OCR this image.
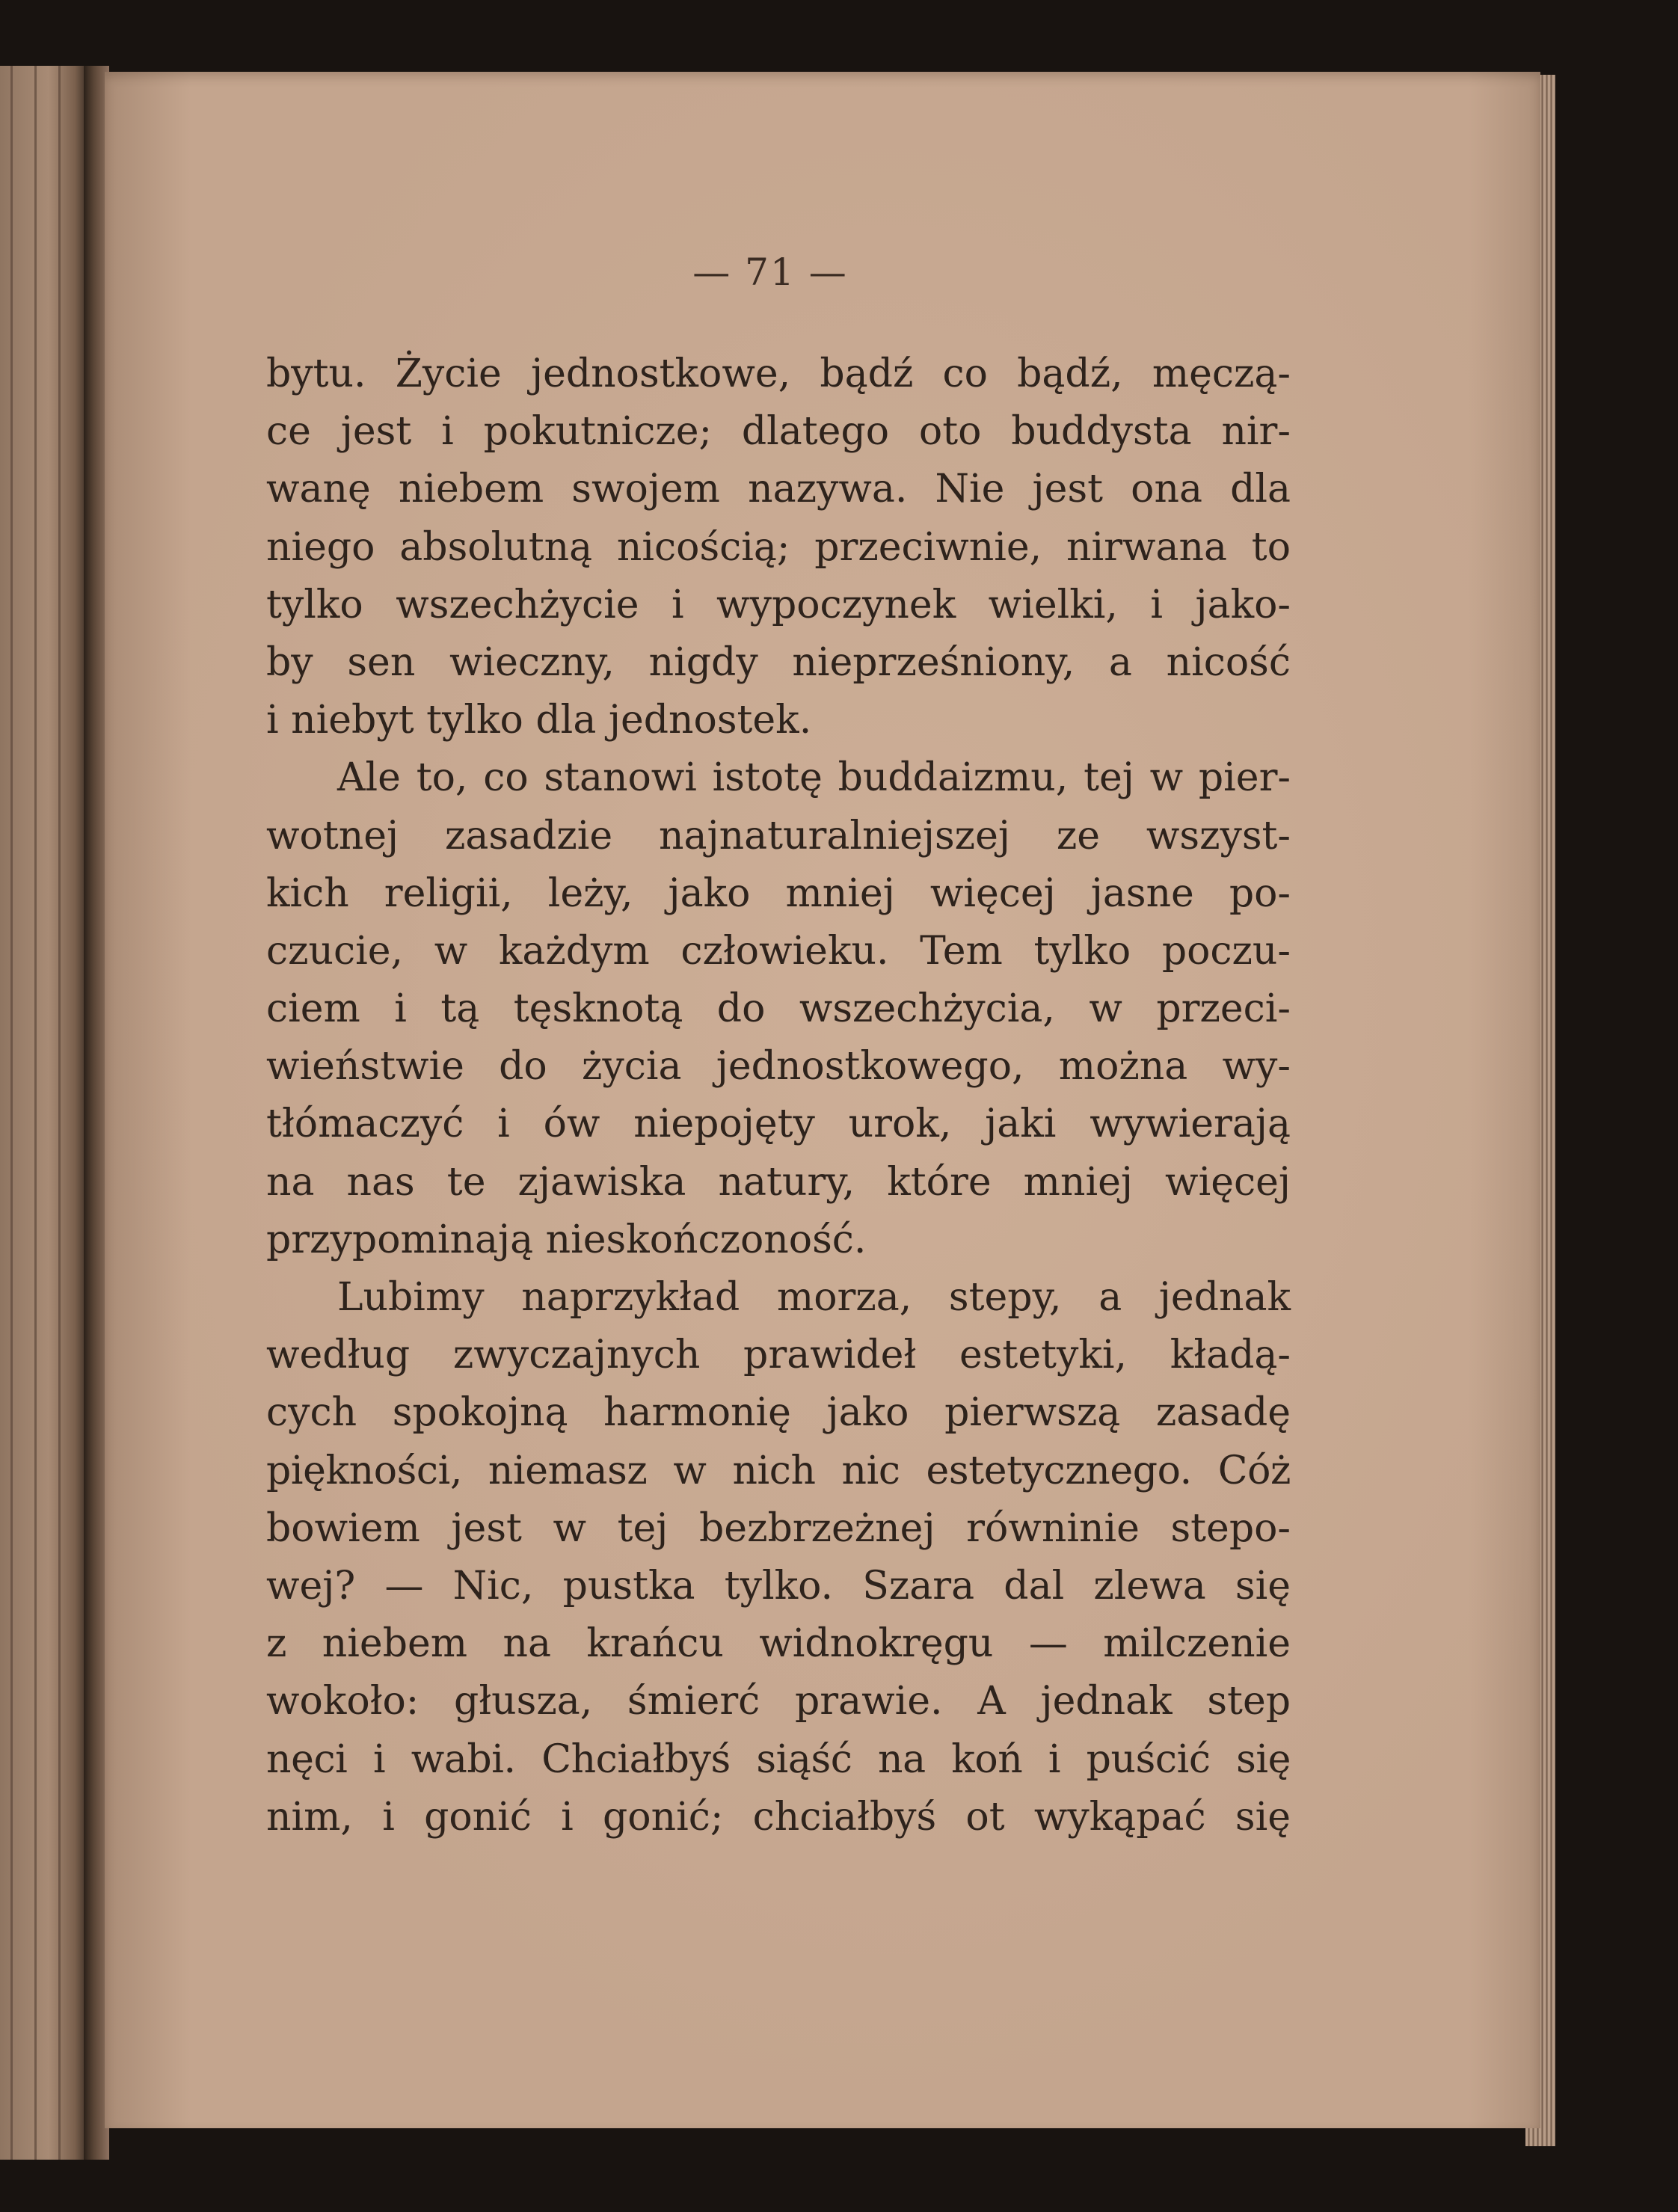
— 71 —
bytu. Życie jednostkowe, bądź co bądź, męczą-
ce jest i pokutnicze; dlatego oto buddysta nir-
wanę niebem swojem nazywa. Nie jest ona dla
niego absolutną nicością; przeciwnie, nirwana to
tylko wszechżycie i wypoczynek wielki, i jako-
by sen wieczny, nigdy nieprześniony, a nicość
i niebyt tylko dla jednostek.
Ale to, co stanowi istotę buddaizmu, tej w pier-
wotnej zasadzie najnaturalniejszej ze wszyst-
kich religii, leży, jako mniej więcej jasne po-
czucie, w każdym człowieku. Tem tylko poczu-
ciem i tą tęsknotą do wszechżycia, w przeci-
wieństwie do życia jednostkowego, można wy-
tłómaczyć i ów niepojęty urok, jaki wywierają
na nas te zjawiska natury, które mniej więcej
przypominają nieskończoność.
Lubimy naprzykład morza, stepy, a jednak
według zwyczajnych prawideł estetyki, kładą-
cych spokojną harmonię jako pierwszą zasadę
piękności, niemasz w nich nic estetycznego. Cóż
bowiem jest w tej bezbrzeżnej równinie stepo-
wej? — Nic, pustka tylko. Szara dal zlewa się
z niebem na krańcu widnokręgu — milczenie
wokoło: głusza, śmierć prawie. A jednak step
nęci i wabi. Chciałbyś siąść na koń i puścić się
nim, i gonić i gonić; chciałbyś ot wykąpać się
